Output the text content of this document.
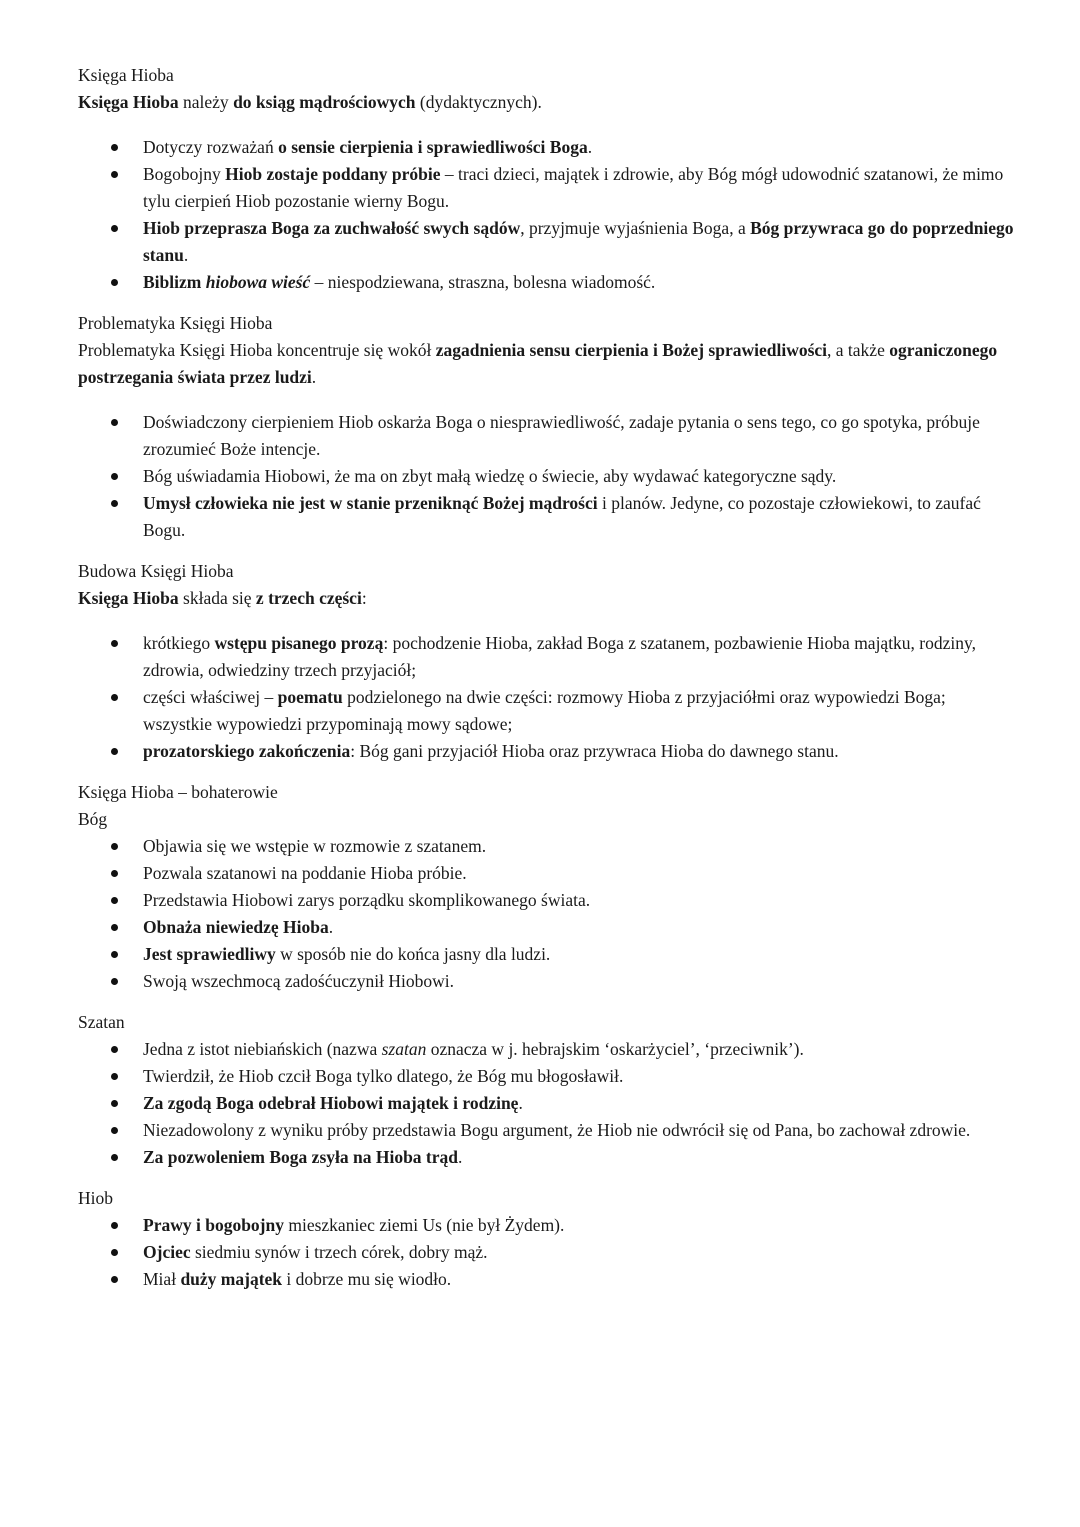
Księga Hioba

Księga Hioba należy do ksiąg mądrościowych (dydaktycznych).

Dotyczy rozważań o sensie cierpienia i sprawiedliwości Boga.
Bogobojny Hiob zostaje poddany próbie – traci dzieci, majątek i zdrowie, aby Bóg mógł udowodnić szatanowi, że mimo tylu cierpień Hiob pozostanie wierny Bogu.
Hiob przeprasza Boga za zuchwałość swych sądów, przyjmuje wyjaśnienia Boga, a Bóg przywraca go do poprzedniego stanu.
Biblizm hiobowa wieść – niespodziewana, straszna, bolesna wiadomość.

Problematyka Księgi Hioba

Problematyka Księgi Hioba koncentruje się wokół zagadnienia sensu cierpienia i Bożej sprawiedliwości, a także ograniczonego postrzegania świata przez ludzi.

Doświadczony cierpieniem Hiob oskarża Boga o niesprawiedliwość, zadaje pytania o sens tego, co go spotyka, próbuje zrozumieć Boże intencje.
Bóg uświadamia Hiobowi, że ma on zbyt małą wiedzę o świecie, aby wydawać kategoryczne sądy.
Umysł człowieka nie jest w stanie przeniknąć Bożej mądrości i planów. Jedyne, co pozostaje człowiekowi, to zaufać Bogu.

Budowa Księgi Hioba

Księga Hioba składa się z trzech części:

krótkiego wstępu pisanego prozą: pochodzenie Hioba, zakład Boga z szatanem, pozbawienie Hioba majątku, rodziny, zdrowia, odwiedziny trzech przyjaciół;
części właściwej – poematu podzielonego na dwie części: rozmowy Hioba z przyjaciółmi oraz wypowiedzi Boga; wszystkie wypowiedzi przypominają mowy sądowe;
prozatorskiego zakończenia: Bóg gani przyjaciół Hioba oraz przywraca Hioba do dawnego stanu.

Księga Hioba – bohaterowie

Bóg

Objawia się we wstępie w rozmowie z szatanem.
Pozwala szatanowi na poddanie Hioba próbie.
Przedstawia Hiobowi zarys porządku skomplikowanego świata.
Obnaża niewiedzę Hioba.
Jest sprawiedliwy w sposób nie do końca jasny dla ludzi.
Swoją wszechmocą zadośćuczynił Hiobowi.

Szatan

Jedna z istot niebiańskich (nazwa szatan oznacza w j. hebrajskim ‘oskarżyciel’, ‘przeciwnik’).
Twierdził, że Hiob czcił Boga tylko dlatego, że Bóg mu błogosławił.
Za zgodą Boga odebrał Hiobowi majątek i rodzinę.
Niezadowolony z wyniku próby przedstawia Bogu argument, że Hiob nie odwrócił się od Pana, bo zachował zdrowie.
Za pozwoleniem Boga zsyła na Hioba trąd.

Hiob

Prawy i bogobojny mieszkaniec ziemi Us (nie był Żydem).
Ojciec siedmiu synów i trzech córek, dobry mąż.
Miał duży majątek i dobrze mu się wiodło.
